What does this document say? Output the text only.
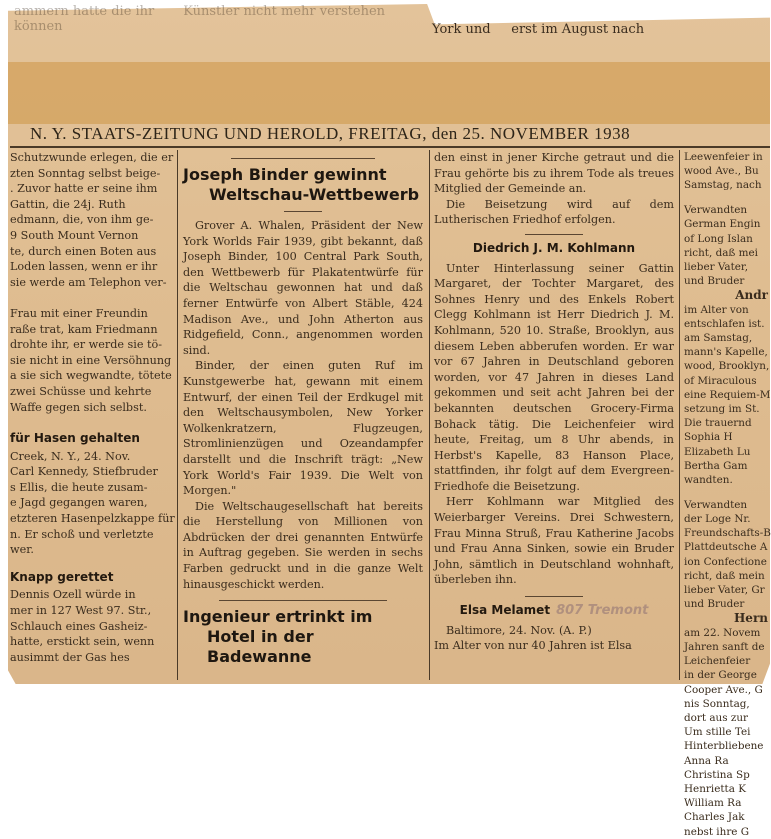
ammern hatte die ihr       Künstler nicht mehr verstehen können	York und erst im August nach
N. Y. STAATS-ZEITUNG UND HEROLD, FREITAG, den 25. NOVEMBER 1938
Schutzwunde erlegen, die er
zten Sonntag selbst beige-
. Zuvor hatte er seine ihm
Gattin, die 24j. Ruth
edmann, die, von ihm ge-
9 South Mount Vernon
te, durch einen Boten aus
Loden lassen, wenn er ihr
sie werde am Telephon ver-
Frau mit einer Freundin
raße trat, kam Friedmann
drohte ihr, er werde sie tö-
sie nicht in eine Versöhnung
a sie sich wegwandte, tötete
zwei Schüsse und kehrte
Waffe gegen sich selbst.
für Hasen gehalten
Creek, N. Y., 24. Nov.
Carl Kennedy, Stiefbruder
s Ellis, die heute zusam-
e Jagd gegangen waren,
etzteren Hasenpelzkappe für
n. Er schoß und verletzte
wer.
Knapp gerettet
Dennis Ozell würde in
mer in 127 West 97. Str.,
Schlauch eines Gasheiz-
hatte, erstickt sein, wenn
ausimmt der Gas hes
Joseph Binder gewinnt
Weltschau-Wettbewerb

Grover A. Whalen, Präsident der New York Worlds Fair 1939, gibt bekannt, daß Joseph Binder, 100 Central Park South, den Wettbewerb für Plakatentwürfe für die Weltschau gewonnen hat und daß ferner Entwürfe von Albert Stäble, 424 Madison Ave., und John Atherton aus Ridgefield, Conn., angenommen worden sind.

Binder, der einen guten Ruf im Kunstgewerbe hat, gewann mit einem Entwurf, der einen Teil der Erdkugel mit den Weltschausymbolen, New Yorker Wolkenkratzern, Flugzeugen, Stromlinienzügen und Ozeandampfer darstellt und die Inschrift trägt: „New York World's Fair 1939. Die Welt von Morgen."

Die Weltschaugesellschaft hat bereits die Herstellung von Millionen von Abdrücken der drei genannten Entwürfe in Auftrag gegeben. Sie werden in sechs Farben gedruckt und in die ganze Welt hinausgeschickt werden.

Ingenieur ertrinkt im
Hotel in der Badewanne

den einst in jener Kirche getraut und die Frau gehörte bis zu ihrem Tode als treues Mitglied der Gemeinde an.

Die Beisetzung wird auf dem Lutherischen Friedhof erfolgen.

Diedrich J. M. Kohlmann

Unter Hinterlassung seiner Gattin Margaret, der Tochter Margaret, des Sohnes Henry und des Enkels Robert Clegg Kohlmann ist Herr Diedrich J. M. Kohlmann, 520 10. Straße, Brooklyn, aus diesem Leben abberufen worden. Er war vor 67 Jahren in Deutschland geboren worden, vor 47 Jahren in dieses Land gekommen und seit acht Jahren bei der bekannten deutschen Grocery-Firma Bohack tätig. Die Leichenfeier wird heute, Freitag, um 8 Uhr abends, in Herbst's Kapelle, 83 Hanson Place, stattfinden, ihr folgt auf dem Evergreen-Friedhofe die Beisetzung.

Herr Kohlmann war Mitglied des Weierbarger Vereins. Drei Schwestern, Frau Minna Struß, Frau Katherine Jacobs und Frau Anna Sinken, sowie ein Bruder John, sämtlich in Deutschland wohnhaft, überleben ihn.

Elsa Melamet 807 Tremont

Baltimore, 24. Nov. (A. P.)

Im Alter von nur 40 Jahren ist Elsa

Leewenfeier in
wood Ave., Bu
Samstag, nach
Verwandten
German Engin
of Long Islan
richt, daß mei
lieber Vater,
und Bruder
Andr
im Alter von
entschlafen ist.
am Samstag,
mann's Kapelle,
wood, Brooklyn,
of Miraculous
eine Requiem-M
setzung im St.
Die trauernd
Sophia H
Elizabeth Lu
Bertha Gam
wandten.
Verwandten
der Loge Nr.
Freundschafts-B
Plattdeutsche A
ion Confectione
richt, daß mein
lieber Vater, Gr
und Bruder
Hern
am 22. Novem
Jahren sanft de
Leichenfeier
in der George
Cooper Ave., G
nis Sonntag,
dort aus zur
Um stille Tei
Hinterbliebene
Anna Ra
Christina Sp
Henrietta K
William Ra
Charles Jak
nebst ihre G
